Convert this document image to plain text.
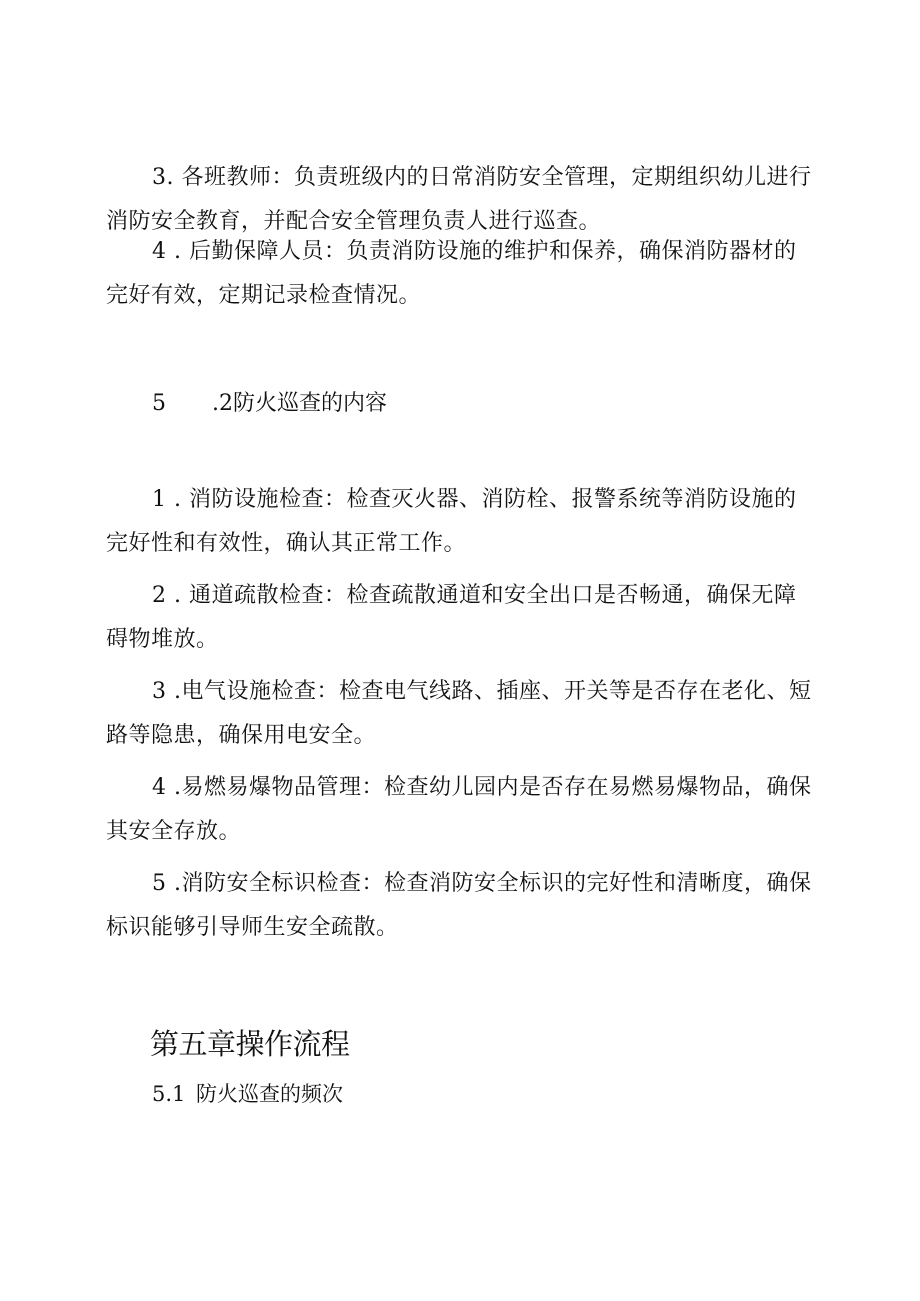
3. 各班教师：负责班级内的日常消防安全管理，定期组织幼儿进行消防安全教育，并配合安全管理负责人进行巡查。

4 . 后勤保障人员：负责消防设施的维护和保养，确保消防器材的完好有效，定期记录检查情况。

5 .2防火巡查的内容

1 . 消防设施检查：检查灭火器、消防栓、报警系统等消防设施的完好性和有效性，确认其正常工作。

2 . 通道疏散检查：检查疏散通道和安全出口是否畅通，确保无障碍物堆放。

3 .电气设施检查：检查电气线路、插座、开关等是否存在老化、短路等隐患，确保用电安全。

4 .易燃易爆物品管理：检查幼儿园内是否存在易燃易爆物品，确保其安全存放。

5 .消防安全标识检查：检查消防安全标识的完好性和清晰度，确保标识能够引导师生安全疏散。

第五章操作流程

5.1 防火巡查的频次
